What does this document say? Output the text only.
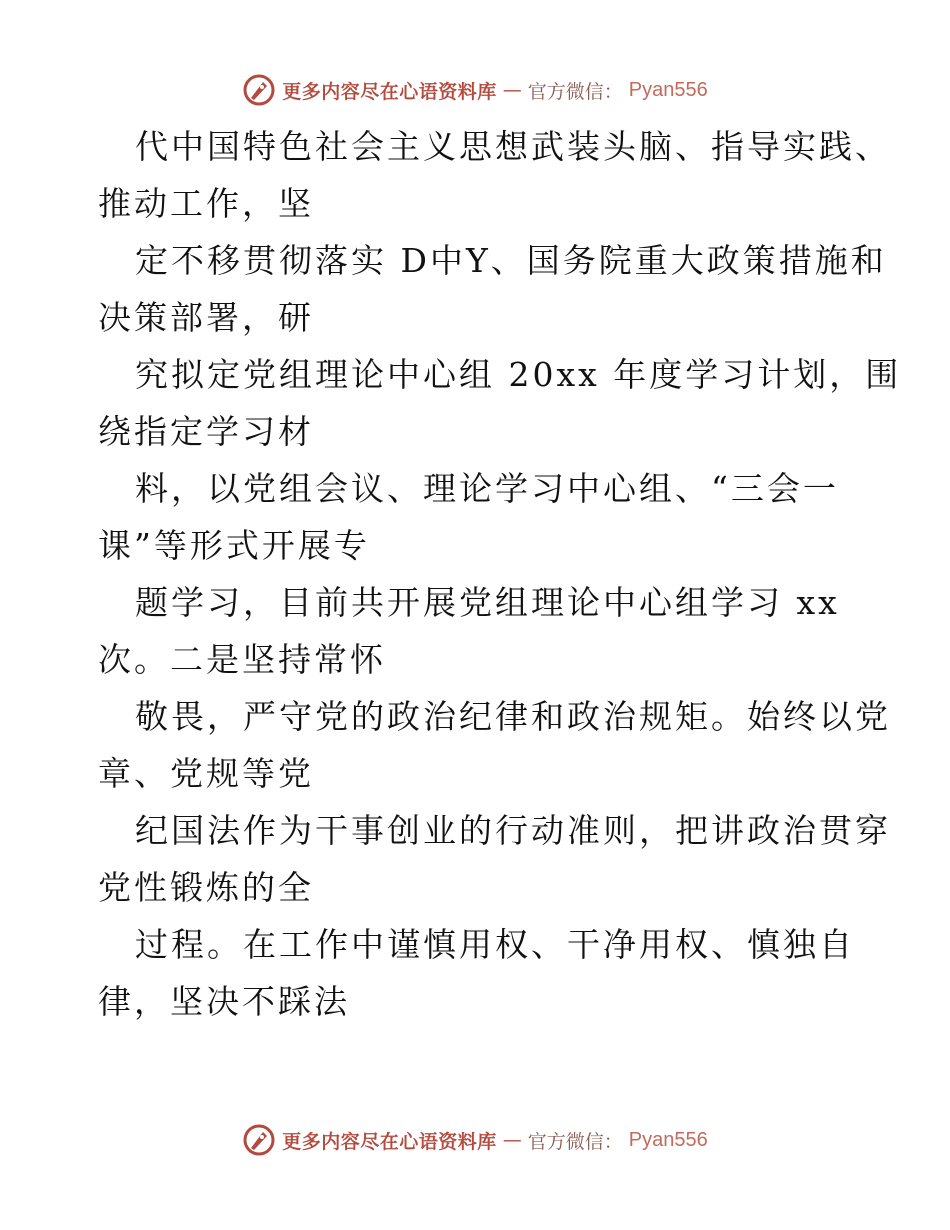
更多内容尽在心语资料库 — 官方微信： Pyan556
代中国特色社会主义思想武装头脑、指导实践、
推动工作，坚
定不移贯彻落实 D中Y、国务院重大政策措施和
决策部署，研
究拟定党组理论中心组 20xx 年度学习计划，围
绕指定学习材
料，以党组会议、理论学习中心组、“三会一
课”等形式开展专
题学习，目前共开展党组理论中心组学习 xx
次。二是坚持常怀
敬畏，严守党的政治纪律和政治规矩。始终以党
章、党规等党
纪国法作为干事创业的行动准则，把讲政治贯穿
党性锻炼的全
过程。在工作中谨慎用权、干净用权、慎独自
律，坚决不踩法
更多内容尽在心语资料库 — 官方微信： Pyan556
